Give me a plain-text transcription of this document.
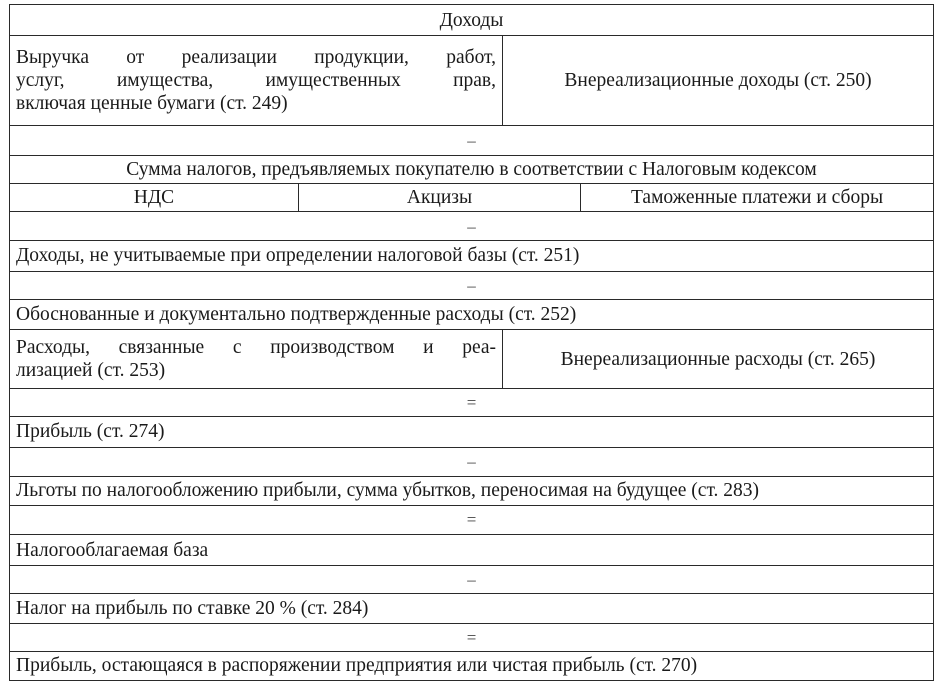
Доходы			

Выручка от реализации продукции, работ,
услуг, имущества, имущественных прав,
включая ценные бумаги (ст. 249)		Внереализационные доходы (ст. 250)	
–			
Сумма налогов, предъявляемых покупателю в соответствии с Налоговым кодексом			
НДС	Акцизы		Таможенные платежи и сборы
–			
Доходы, не учитываемые при определении налоговой базы (ст. 251)			
–			
Обоснованные и документально подтвержденные расходы (ст. 252)			

Расходы, связанные с производством и реа-
лизацией (ст. 253)		Внереализационные расходы (ст. 265)	
=			
Прибыль (ст. 274)			
–			
Льготы по налогообложению прибыли, сумма убытков, переносимая на будущее (ст. 283)			
=			
Налогооблагаемая база			
–			
Налог на прибыль по ставке 20 % (ст. 284)			
=			
Прибыль, остающаяся в распоряжении предприятия или чистая прибыль (ст. 270)			
